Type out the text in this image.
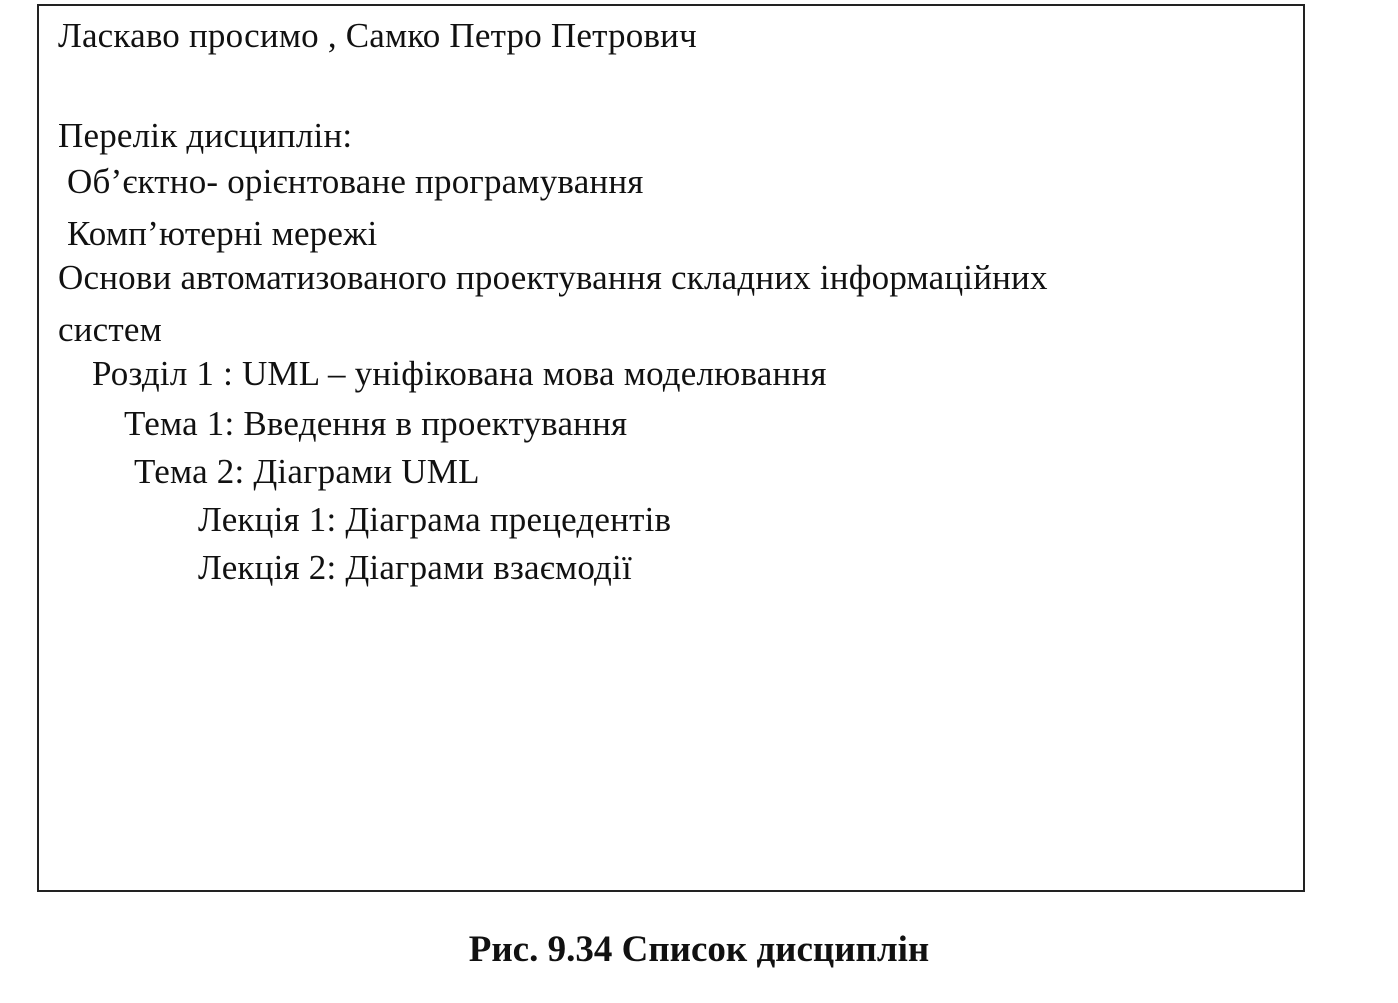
Ласкаво просимо , Самко Петро Петрович
Перелік дисциплін:
Об’єктно- орієнтоване програмування
Комп’ютерні мережі
Основи автоматизованого проектування складних інформаційних
систем
Розділ 1 : UML – уніфікована мова моделювання
Тема 1: Введення в проектування
Тема 2: Діаграми UML
Лекція 1: Діаграма прецедентів
Лекція 2: Діаграми взаємодії
Рис. 9.34 Список дисциплін
